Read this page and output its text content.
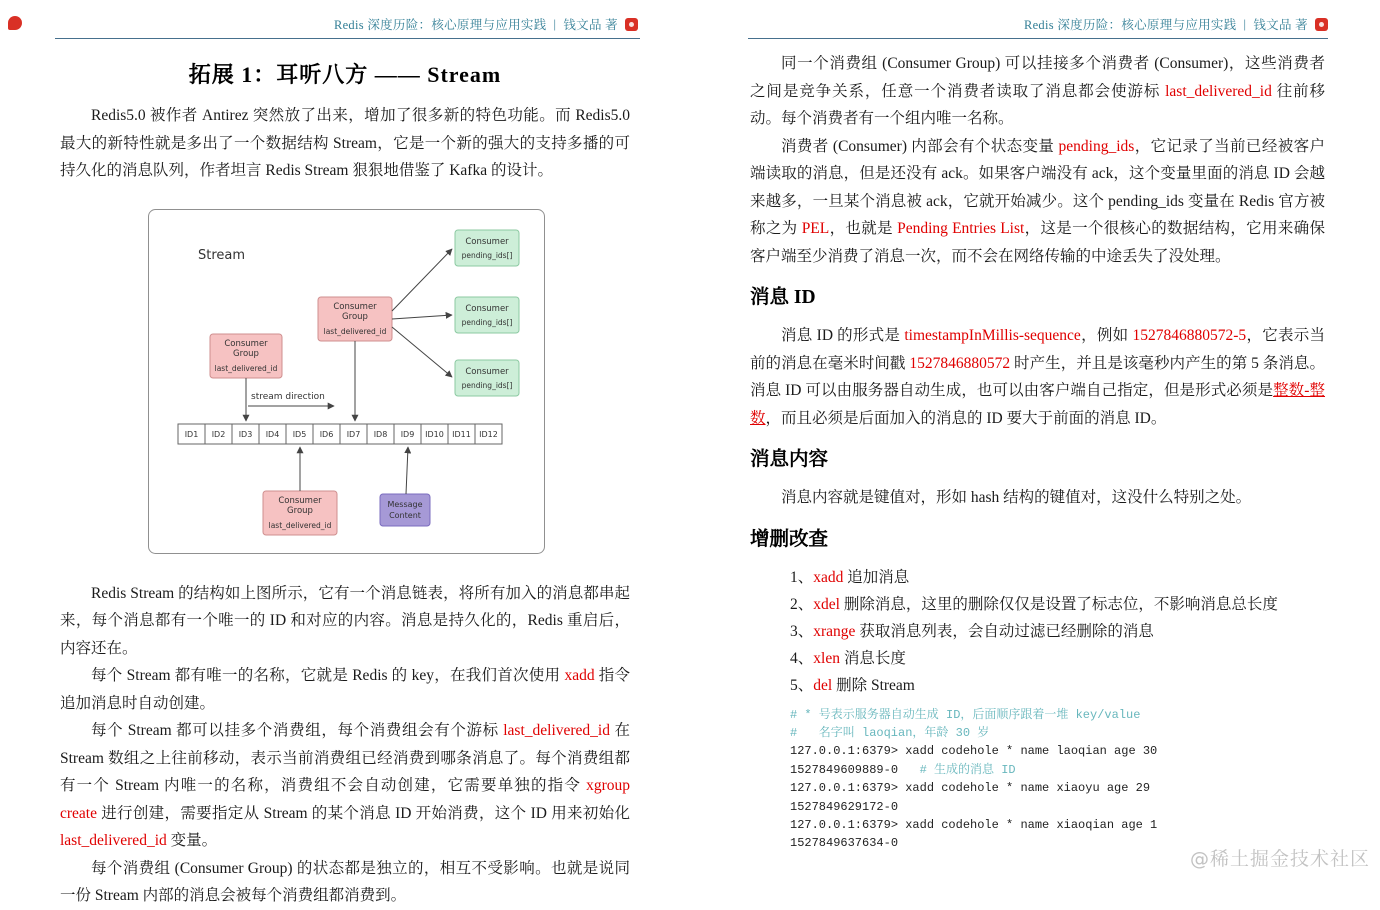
Redis 深度历险：核心原理与应用实践 | 钱文品 著
拓展 1：耳听八方 —— Stream

Redis5.0 被作者 Antirez 突然放了出来，增加了很多新的特色功能。而 Redis5.0 最大的新特性就是多出了一个数据结构 Stream，它是一个新的强大的支持多播的可持久化的消息队列，作者坦言 Redis Stream 狠狠地借鉴了 Kafka 的设计。

Stream
Consumer
Group
last_delivered_id
Consumer
Group
last_delivered_id
Consumer
pending_ids[]
Consumer
pending_ids[]
Consumer
pending_ids[]
stream direction
ID1 ID2 ID3 ID4 ID5 ID6 ID7 ID8 ID9 ID10 ID11 ID12
Consumer
Group
last_delivered_id
Message
Content

Redis Stream 的结构如上图所示，它有一个消息链表，将所有加入的消息都串起来，每个消息都有一个唯一的 ID 和对应的内容。消息是持久化的，Redis 重启后，内容还在。

每个 Stream 都有唯一的名称，它就是 Redis 的 key，在我们首次使用 xadd 指令追加消息时自动创建。

每个 Stream 都可以挂多个消费组，每个消费组会有个游标 last_delivered_id 在 Stream 数组之上往前移动，表示当前消费组已经消费到哪条消息了。每个消费组都有一个 Stream 内唯一的名称，消费组不会自动创建，它需要单独的指令 xgroup create 进行创建，需要指定从 Stream 的某个消息 ID 开始消费，这个 ID 用来初始化 last_delivered_id 变量。

每个消费组 (Consumer Group) 的状态都是独立的，相互不受影响。也就是说同一份 Stream 内部的消息会被每个消费组都消费到。

Redis 深度历险：核心原理与应用实践 | 钱文品 著

同一个消费组 (Consumer Group) 可以挂接多个消费者 (Consumer)，这些消费者之间是竞争关系，任意一个消费者读取了消息都会使游标 last_delivered_id 往前移动。每个消费者有一个组内唯一名称。

消费者 (Consumer) 内部会有个状态变量 pending_ids，它记录了当前已经被客户端读取的消息，但是还没有 ack。如果客户端没有 ack，这个变量里面的消息 ID 会越来越多，一旦某个消息被 ack，它就开始减少。这个 pending_ids 变量在 Redis 官方被称之为 PEL，也就是 Pending Entries List，这是一个很核心的数据结构，它用来确保客户端至少消费了消息一次，而不会在网络传输的中途丢失了没处理。

消息 ID

消息 ID 的形式是 timestampInMillis-sequence，例如 1527846880572-5，它表示当前的消息在毫米时间戳 1527846880572 时产生，并且是该毫秒内产生的第 5 条消息。消息 ID 可以由服务器自动生成，也可以由客户端自己指定，但是形式必须是整数-整数，而且必须是后面加入的消息的 ID 要大于前面的消息 ID。

消息内容

消息内容就是键值对，形如 hash 结构的键值对，这没什么特别之处。

增删改查
1、xadd 追加消息
2、xdel 删除消息，这里的删除仅仅是设置了标志位，不影响消息总长度
3、xrange 获取消息列表，会自动过滤已经删除的消息
4、xlen 消息长度
5、del 删除 Stream
# * 号表示服务器自动生成 ID，后面顺序跟着一堆 key/value
#   名字叫 laoqian，年龄 30 岁
127.0.0.1:6379> xadd codehole * name laoqian age 30
1527849609889-0   # 生成的消息 ID
127.0.0.1:6379> xadd codehole * name xiaoyu age 29
1527849629172-0
127.0.0.1:6379> xadd codehole * name xiaoqian age 1
1527849637634-0
@稀土掘金技术社区
